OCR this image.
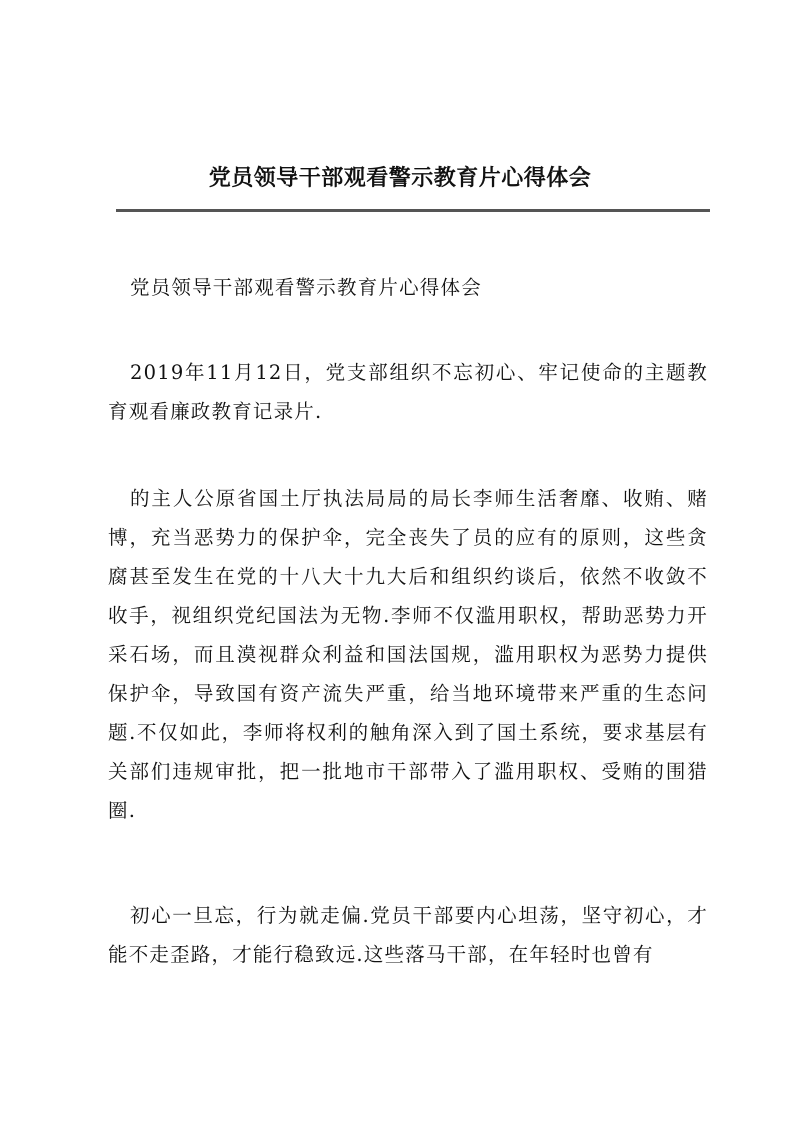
党员领导干部观看警示教育片心得体会

党员领导干部观看警示教育片心得体会

2019年11月12日，党支部组织不忘初心、牢记使命的主题教育观看廉政教育记录片.

的主人公原省国土厅执法局局的局长李师生活奢靡、收贿、赌博，充当恶势力的保护伞，完全丧失了员的应有的原则，这些贪腐甚至发生在党的十八大十九大后和组织约谈后，依然不收敛不收手，视组织党纪国法为无物.李师不仅滥用职权，帮助恶势力开采石场，而且漠视群众利益和国法国规，滥用职权为恶势力提供保护伞，导致国有资产流失严重，给当地环境带来严重的生态问题.不仅如此，李师将权利的触角深入到了国土系统，要求基层有关部们违规审批，把一批地市干部带入了滥用职权、受贿的围猎圈.

初心一旦忘，行为就走偏.党员干部要内心坦荡，坚守初心，才能不走歪路，才能行稳致远.这些落马干部，在年轻时也曾有
